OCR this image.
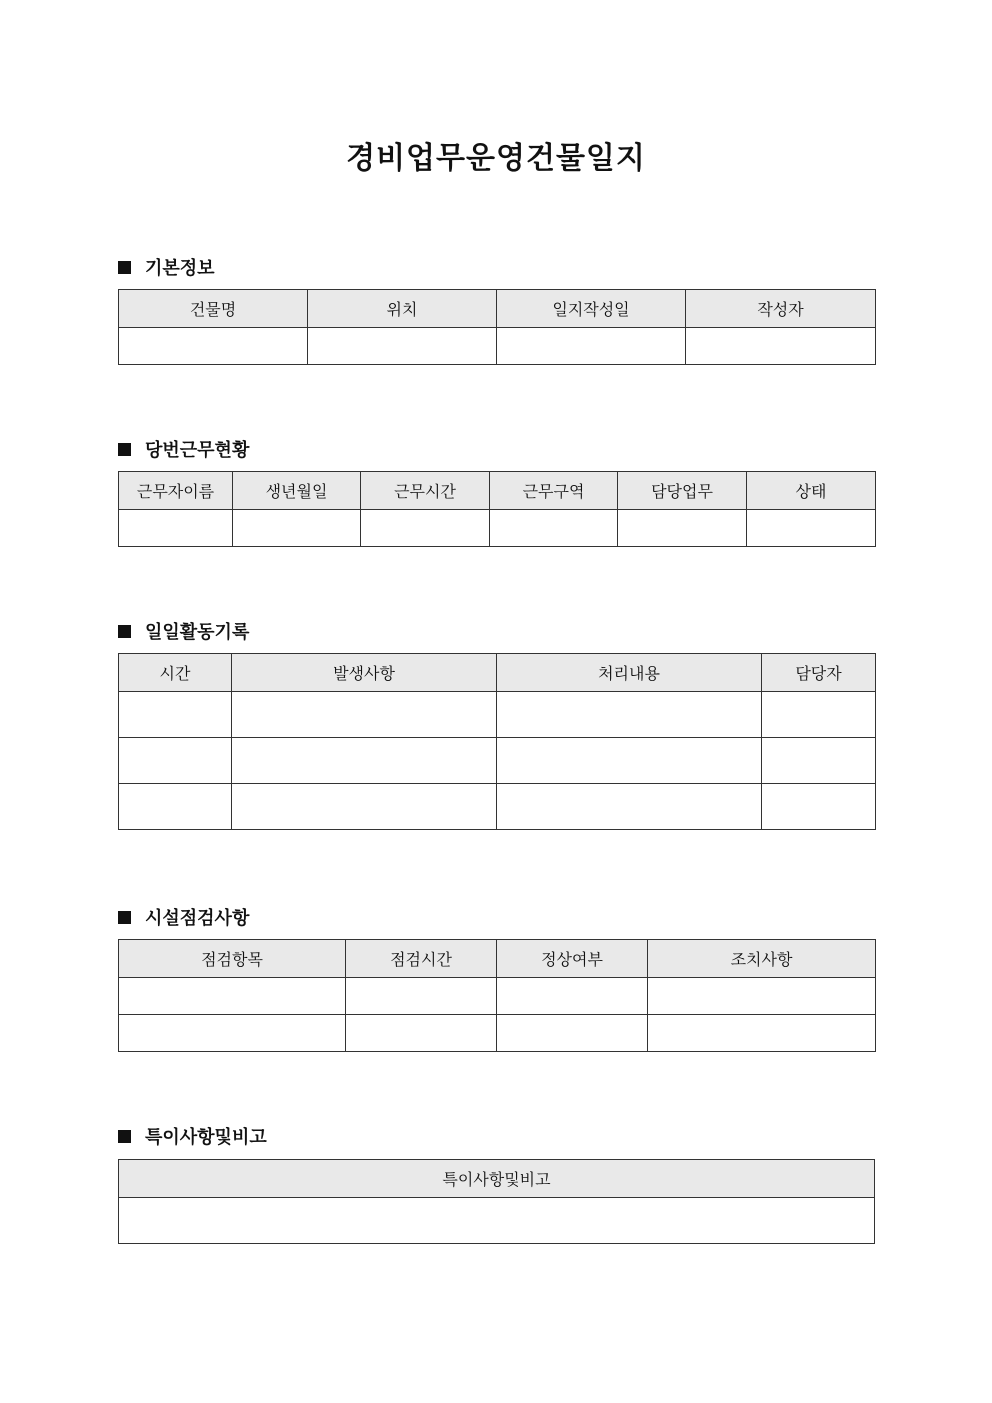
경비업무운영건물일지
기본정보
건물명	위치	일지작성일	작성자

당번근무현황
근무자이름	생년월일	근무시간	근무구역	담당업무	상태

일일활동기록
시간	발생사항	처리내용	담당자

시설점검사항
점검항목	점검시간	정상여부	조치사항

특이사항및비고
특이사항및비고
